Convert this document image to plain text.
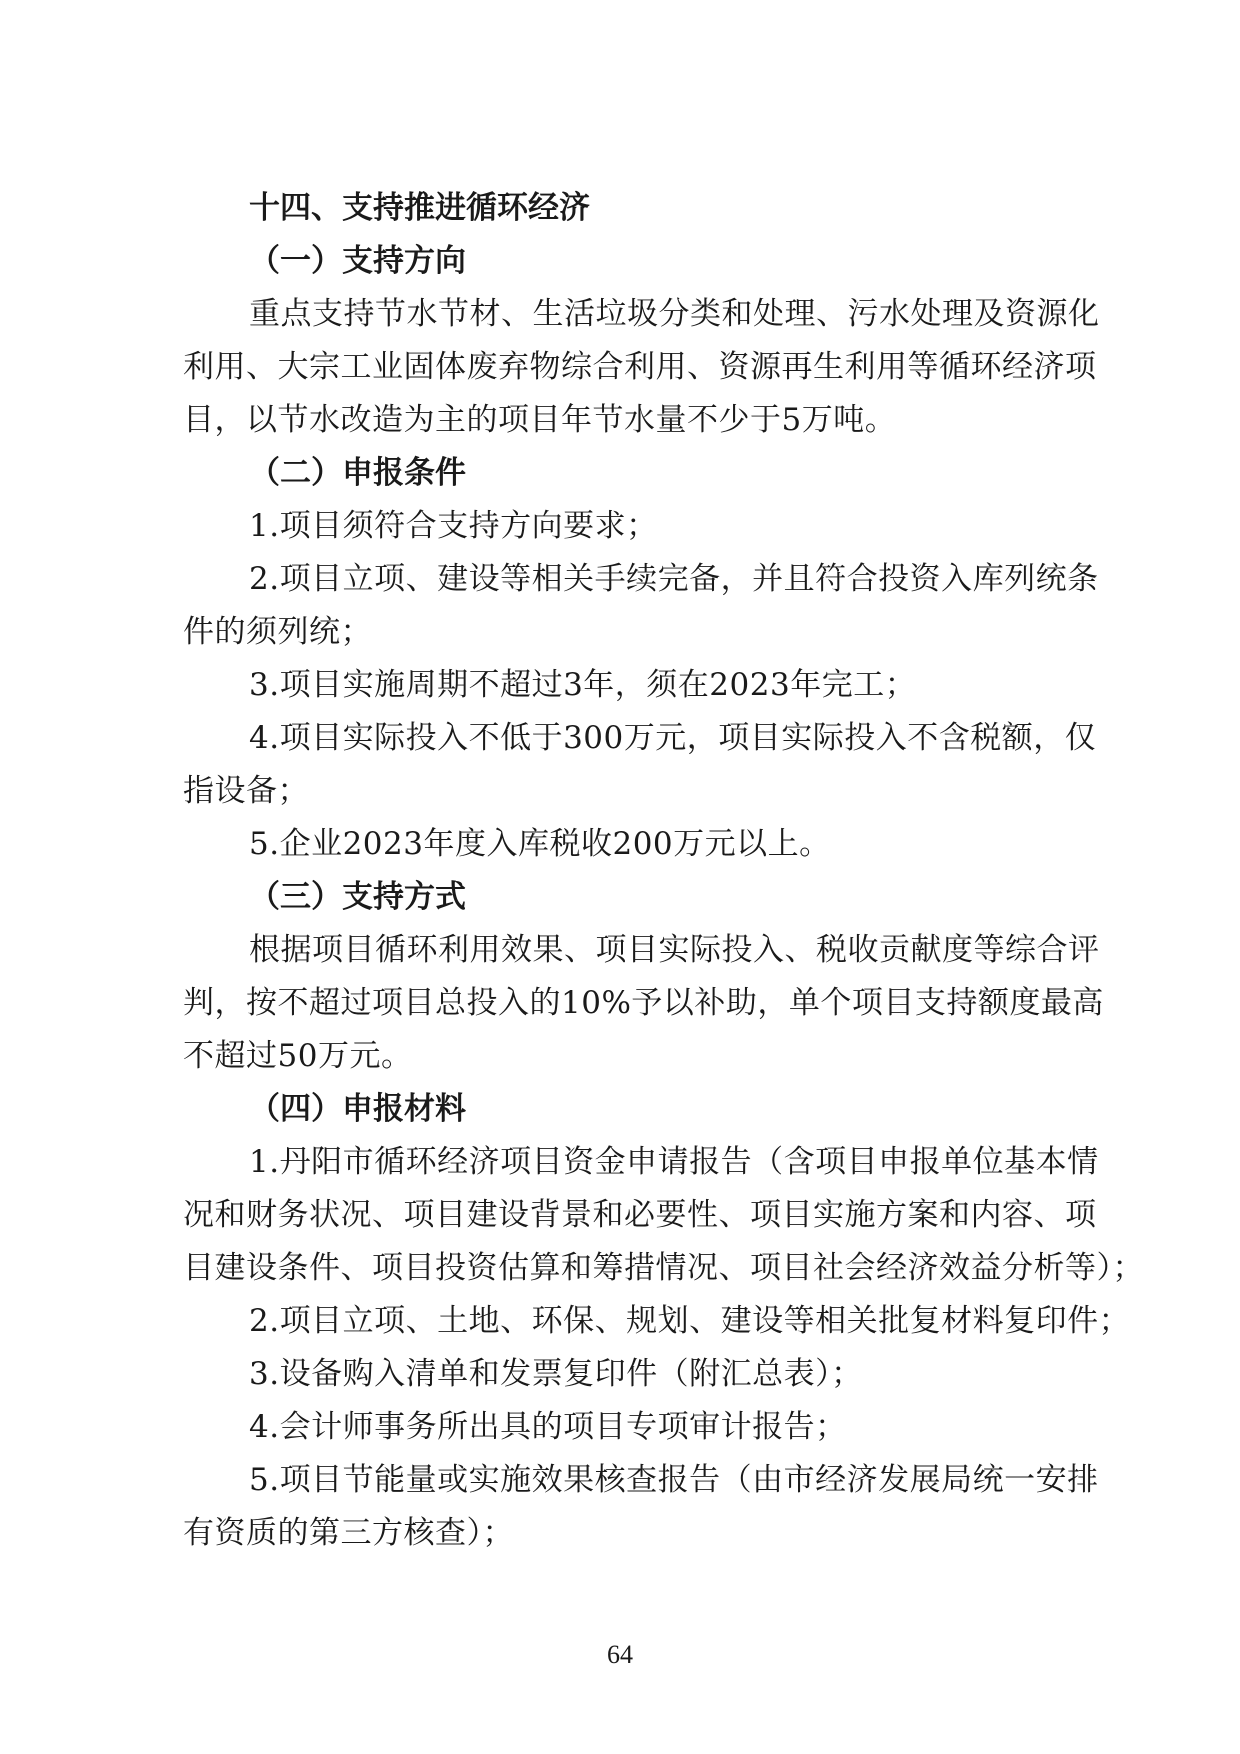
十四、支持推进循环经济
（一）支持方向
重点支持节水节材、生活垃圾分类和处理、污水处理及资源化
利用、大宗工业固体废弃物综合利用、资源再生利用等循环经济项
目，以节水改造为主的项目年节水量不少于5万吨。
（二）申报条件
1.项目须符合支持方向要求；
2.项目立项、建设等相关手续完备，并且符合投资入库列统条
件的须列统；
3.项目实施周期不超过3年，须在2023年完工；
4.项目实际投入不低于300万元，项目实际投入不含税额，仅
指设备；
5.企业2023年度入库税收200万元以上。
（三）支持方式
根据项目循环利用效果、项目实际投入、税收贡献度等综合评
判，按不超过项目总投入的10%予以补助，单个项目支持额度最高
不超过50万元。
（四）申报材料
1.丹阳市循环经济项目资金申请报告（含项目申报单位基本情
况和财务状况、项目建设背景和必要性、项目实施方案和内容、项
目建设条件、项目投资估算和筹措情况、项目社会经济效益分析等）；
2.项目立项、土地、环保、规划、建设等相关批复材料复印件；
3.设备购入清单和发票复印件（附汇总表）；
4.会计师事务所出具的项目专项审计报告；
5.项目节能量或实施效果核查报告（由市经济发展局统一安排
有资质的第三方核查）；
64
